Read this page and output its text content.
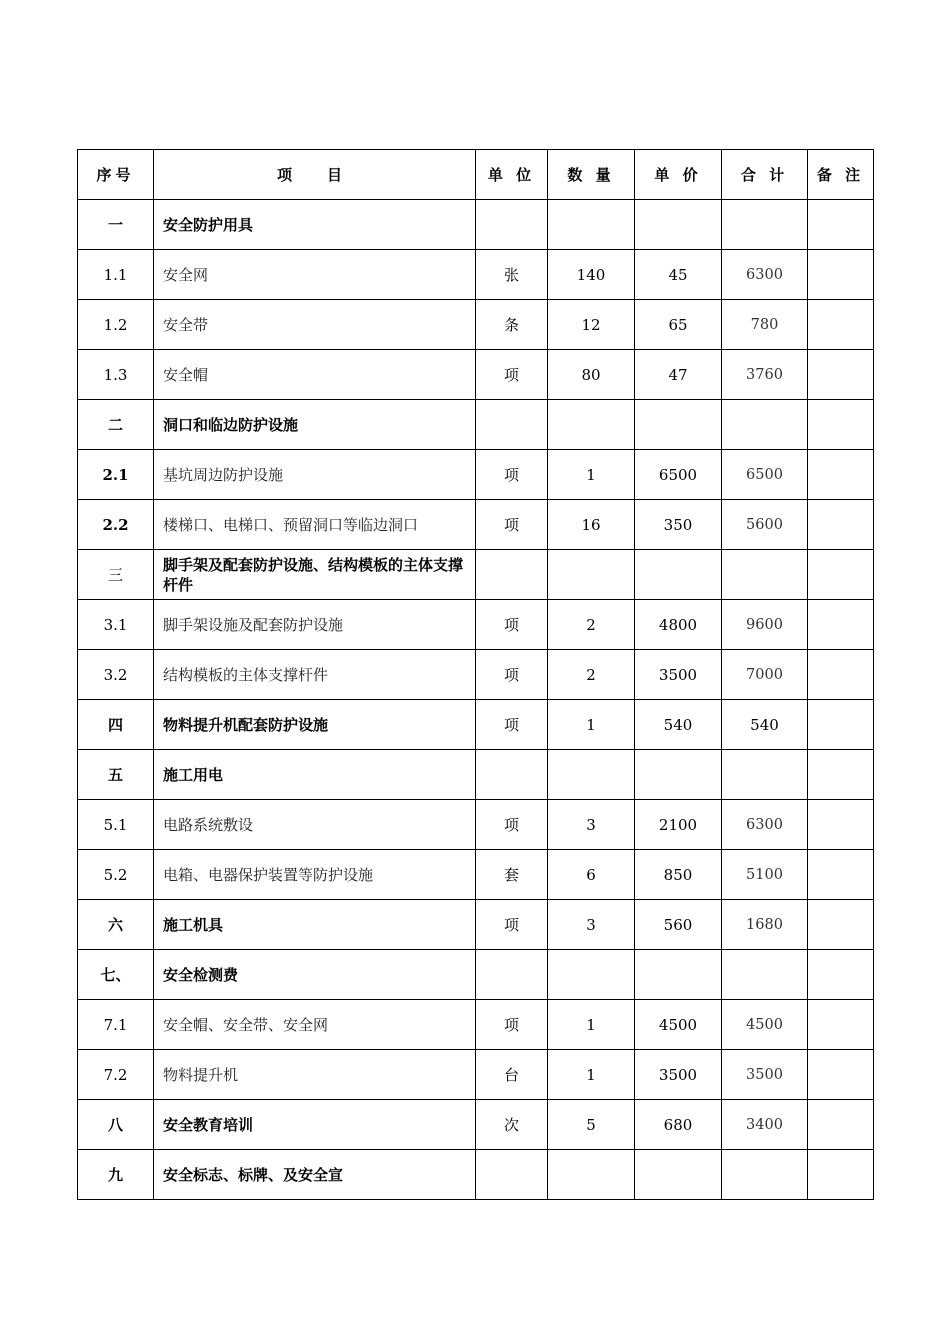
序号	项　目	单 位	数 量	单 价	合 计	备 注
一	安全防护用具					
1.1	安全网	张	140	45	6300	
1.2	安全带	条	12	65	780	
1.3	安全帽	项	80	47	3760	
二	洞口和临边防护设施					
2.1	基坑周边防护设施	项	1	6500	6500	
2.2	楼梯口、电梯口、预留洞口等临边洞口	项	16	350	5600	
三	脚手架及配套防护设施、结构模板的主体支撑杆件					
3.1	脚手架设施及配套防护设施	项	2	4800	9600	
3.2	结构模板的主体支撑杆件	项	2	3500	7000	
四	物料提升机配套防护设施	项	1	540	540	
五	施工用电					
5.1	电路系统敷设	项	3	2100	6300	
5.2	电箱、电器保护装置等防护设施	套	6	850	5100	
六	施工机具	项	3	560	1680	
七、	安全检测费					
7.1	安全帽、安全带、安全网	项	1	4500	4500	
7.2	物料提升机	台	1	3500	3500	
八	安全教育培训	次	5	680	3400	
九	安全标志、标牌、及安全宣					
